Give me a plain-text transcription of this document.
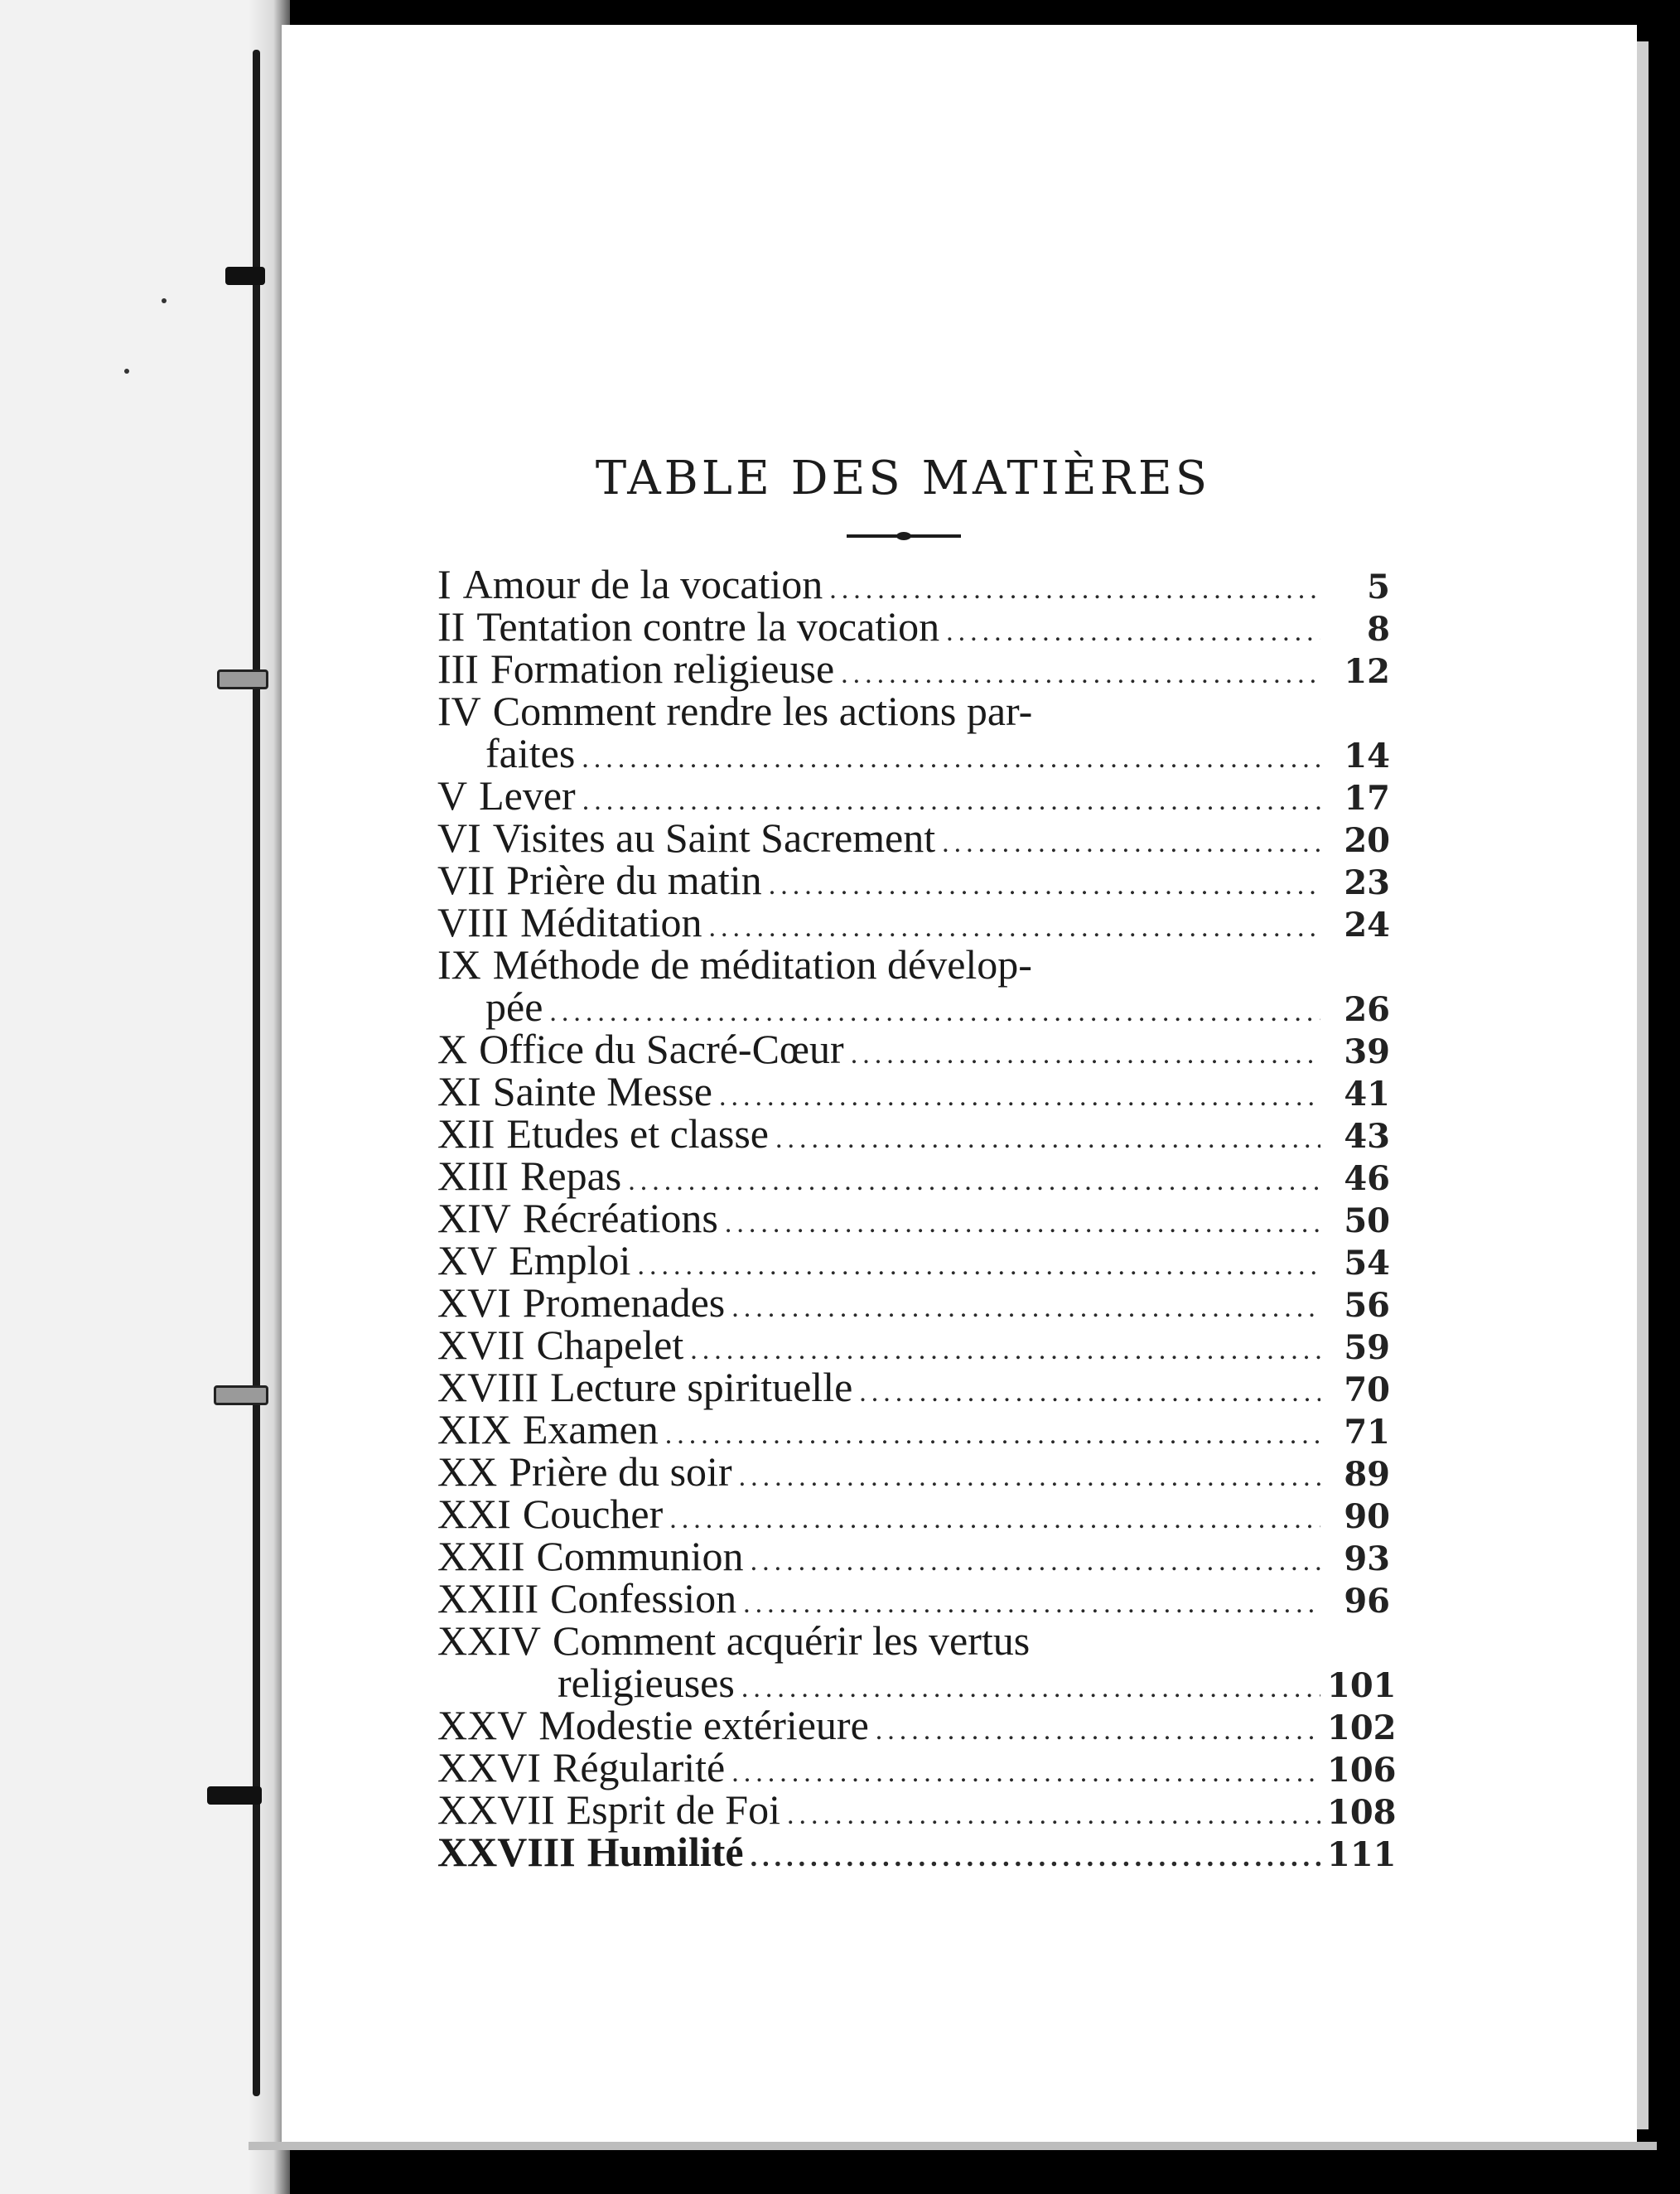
TABLE DES MATIÈRES
I Amour de la vocation .....	5
II Tentation contre la vocation .....	8
III Formation religieuse .....	12
IV Comment rendre les actions par-
faites .....	14
V Lever .....	17
VI Visites au Saint Sacrement .....	20
VII Prière du matin .....	23
VIII Méditation .....	24
IX Méthode de méditation dévelop-
pée .....	26
X Office du Sacré-Cœur .....	39
XI Sainte Messe .....	41
XII Etudes et classe .....	43
XIII Repas .....	46
XIV Récréations .....	50
XV Emploi .....	54
XVI Promenades .....	56
XVII Chapelet .....	59
XVIII Lecture spirituelle .....	70
XIX Examen .....	71
XX Prière du soir .....	89
XXI Coucher .....	90
XXII Communion .....	93
XXIII Confession .....	96
XXIV Comment acquérir les vertus
religieuses .....	101
XXV Modestie extérieure .....	102
XXVI Régularité .....	106
XXVII Esprit de Foi .....	108
XXVIII Humilité .....	111
